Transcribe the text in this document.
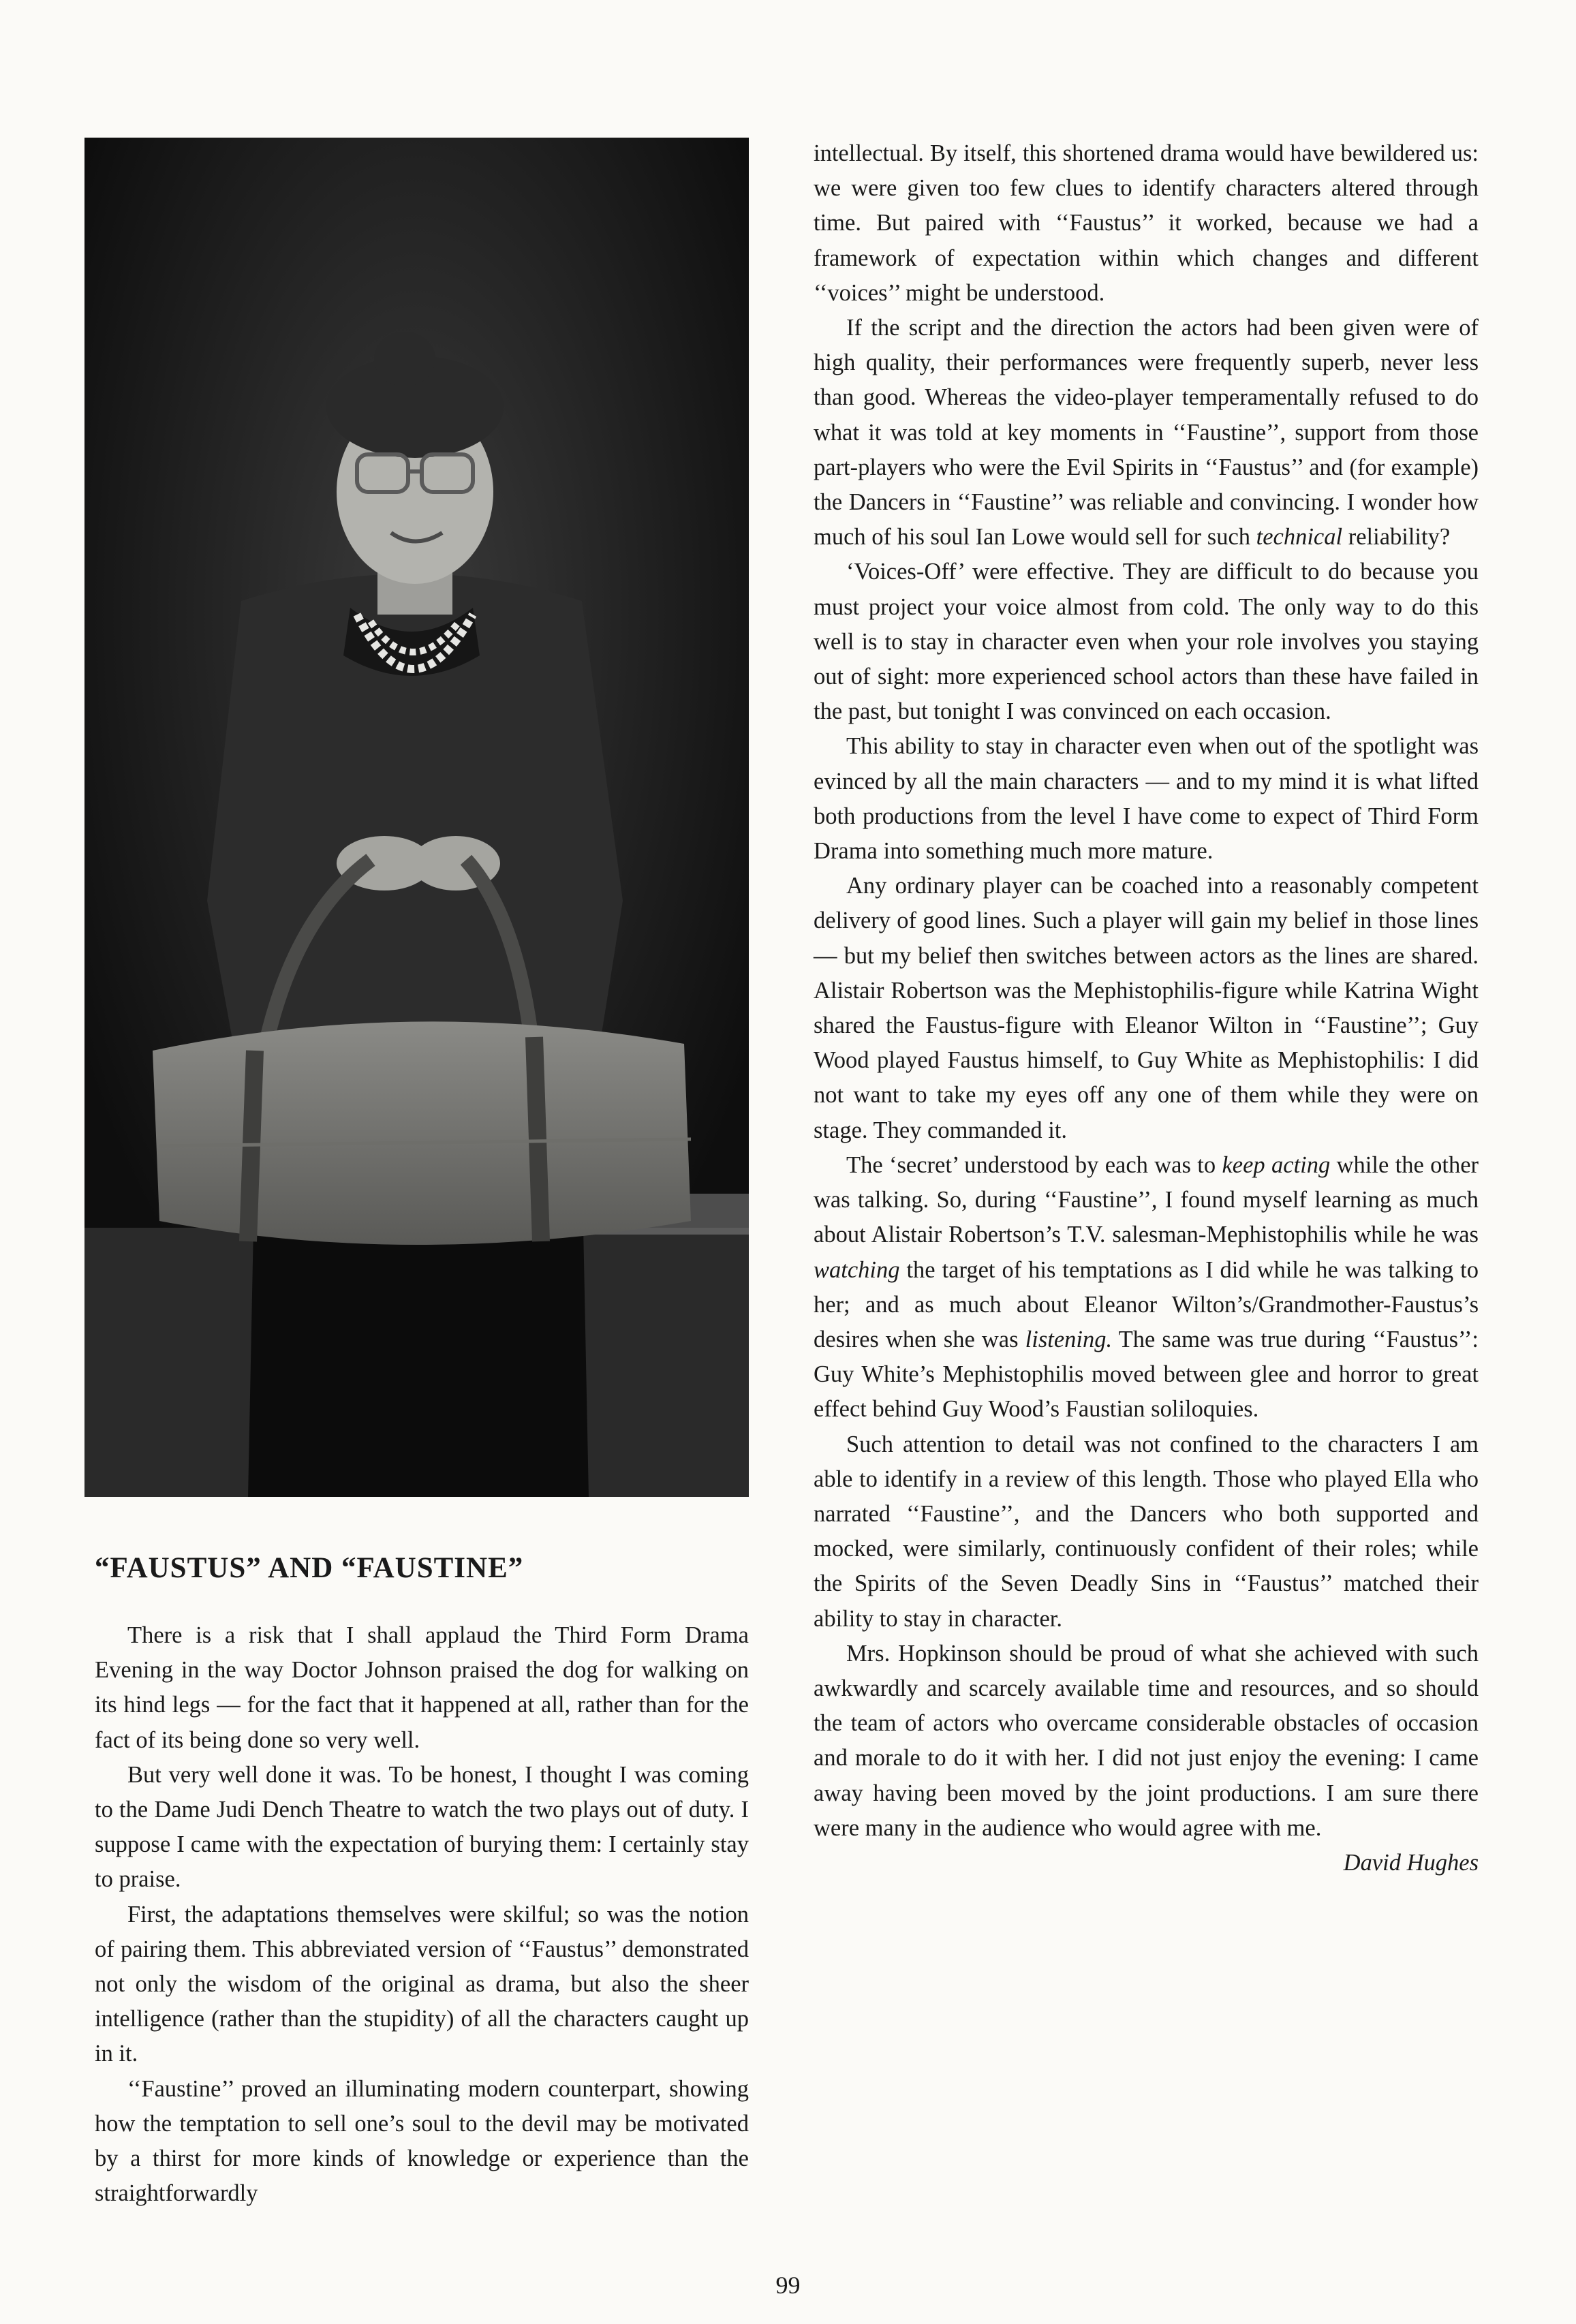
“FAUSTUS” AND “FAUSTINE”

There is a risk that I shall applaud the Third Form Drama Evening in the way Doctor Johnson praised the dog for walking on its hind legs — for the fact that it happened at all, rather than for the fact of its being done so very well.

But very well done it was. To be honest, I thought I was coming to the Dame Judi Dench Theatre to watch the two plays out of duty. I suppose I came with the expectation of burying them: I certainly stay to praise.

First, the adaptations themselves were skilful; so was the notion of pairing them. This abbreviated version of ‘‘Faustus’’ demonstrated not only the wisdom of the original as drama, but also the sheer intelligence (rather than the stupidity) of all the characters caught up in it.

‘‘Faustine’’ proved an illuminating modern counterpart, showing how the temptation to sell one’s soul to the devil may be motivated by a thirst for more kinds of knowledge or experience than the straightforwardly

intellectual. By itself, this shortened drama would have bewildered us: we were given too few clues to identify characters altered through time. But paired with ‘‘Faustus’’ it worked, because we had a framework of expectation within which changes and different ‘‘voices’’ might be understood.

If the script and the direction the actors had been given were of high quality, their performances were frequently superb, never less than good. Whereas the video-player temperamentally refused to do what it was told at key moments in ‘‘Faustine’’, support from those part-players who were the Evil Spirits in ‘‘Faustus’’ and (for example) the Dancers in ‘‘Faustine’’ was reliable and convincing. I wonder how much of his soul Ian Lowe would sell for such technical reliability?

‘Voices-Off’ were effective. They are difficult to do because you must project your voice almost from cold. The only way to do this well is to stay in character even when your role involves you staying out of sight: more experienced school actors than these have failed in the past, but tonight I was convinced on each occasion.

This ability to stay in character even when out of the spotlight was evinced by all the main characters — and to my mind it is what lifted both productions from the level I have come to expect of Third Form Drama into something much more mature.

Any ordinary player can be coached into a reasonably competent delivery of good lines. Such a player will gain my belief in those lines — but my belief then switches between actors as the lines are shared. Alistair Robertson was the Mephistophilis-figure while Katrina Wight shared the Faustus-figure with Eleanor Wilton in ‘‘Faustine’’; Guy Wood played Faustus himself, to Guy White as Mephistophilis: I did not want to take my eyes off any one of them while they were on stage. They commanded it.

The ‘secret’ understood by each was to keep acting while the other was talking. So, during ‘‘Faustine’’, I found myself learning as much about Alistair Robertson’s T.V. salesman-Mephistophilis while he was watching the target of his temptations as I did while he was talking to her; and as much about Eleanor Wilton’s/Grandmother-Faustus’s desires when she was listening. The same was true during ‘‘Faustus’’: Guy White’s Mephistophilis moved between glee and horror to great effect behind Guy Wood’s Faustian soliloquies.

Such attention to detail was not confined to the characters I am able to identify in a review of this length. Those who played Ella who narrated ‘‘Faustine’’, and the Dancers who both supported and mocked, were similarly, continuously confident of their roles; while the Spirits of the Seven Deadly Sins in ‘‘Faustus’’ matched their ability to stay in character.

Mrs. Hopkinson should be proud of what she achieved with such awkwardly and scarcely available time and resources, and so should the team of actors who overcame considerable obstacles of occasion and morale to do it with her. I did not just enjoy the evening: I came away having been moved by the joint productions. I am sure there were many in the audience who would agree with me.

David Hughes

99
